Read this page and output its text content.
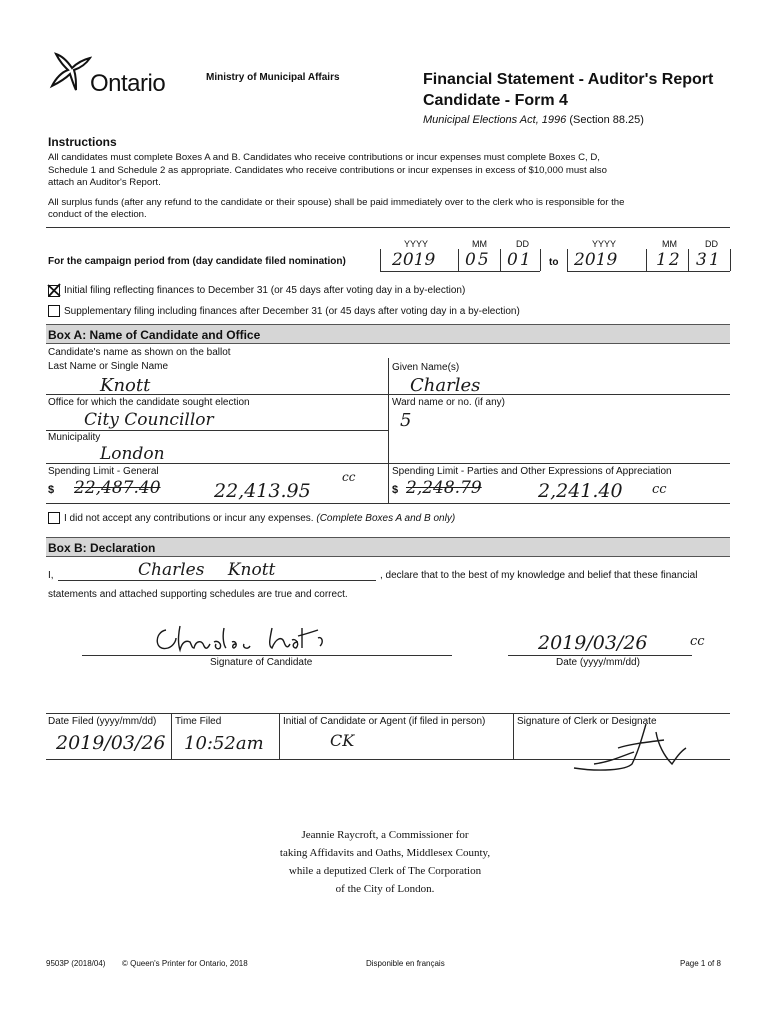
Ontario	Ministry of Municipal Affairs	Financial Statement - Auditor's Report
Candidate - Form 4
Municipal Elections Act, 1996 (Section 88.25)
Instructions
All candidates must complete Boxes A and B. Candidates who receive contributions or incur expenses must complete Boxes C, D,
Schedule 1 and Schedule 2 as appropriate. Candidates who receive contributions or incur expenses in excess of $10,000 must also
attach an Auditor's Report.
All surplus funds (after any refund to the candidate or their spouse) shall be paid immediately over to the clerk who is responsible for the
conduct of the election.
YYYY	MM	DD	YYYY	MM	DD
For the campaign period from (day candidate filed nomination)	2019 05 01 to 2019 12 31
Initial filing reflecting finances to December 31 (or 45 days after voting day in a by-election)
Supplementary filing including finances after December 31 (or 45 days after voting day in a by-election)
Box A: Name of Candidate and Office
Candidate's name as shown on the ballot
Last Name or Single Name
Knott
Given Name(s)
Charles
Office for which the candidate sought election
City Councillor
Ward name or no. (if any)
5
Municipality
London
Spending Limit - General
$ 22,487.40	22,413.95
cc	Spending Limit - Parties and Other Expressions of Appreciation
$ 2,248.79	2,241.40 cc
I did not accept any contributions or incur any expenses. (Complete Boxes A and B only)
Box B: Declaration
I,	Charles Knott	, declare that to the best of my knowledge and belief that these financial
statements and attached supporting schedules are true and correct.
Signature of Candidate
2019/03/26	cc
Date (yyyy/mm/dd)
Date Filed (yyyy/mm/dd)
2019/03/26
Time Filed
10:52am
Initial of Candidate or Agent (if filed in person)
CK
Signature of Clerk or Designate
Jeannie Raycroft, a Commissioner for
taking Affidavits and Oaths, Middlesex County,
while a deputized Clerk of The Corporation
of the City of London.
9503P (2018/04) © Queen's Printer for Ontario, 2018	Disponible en français	Page 1 of 8
